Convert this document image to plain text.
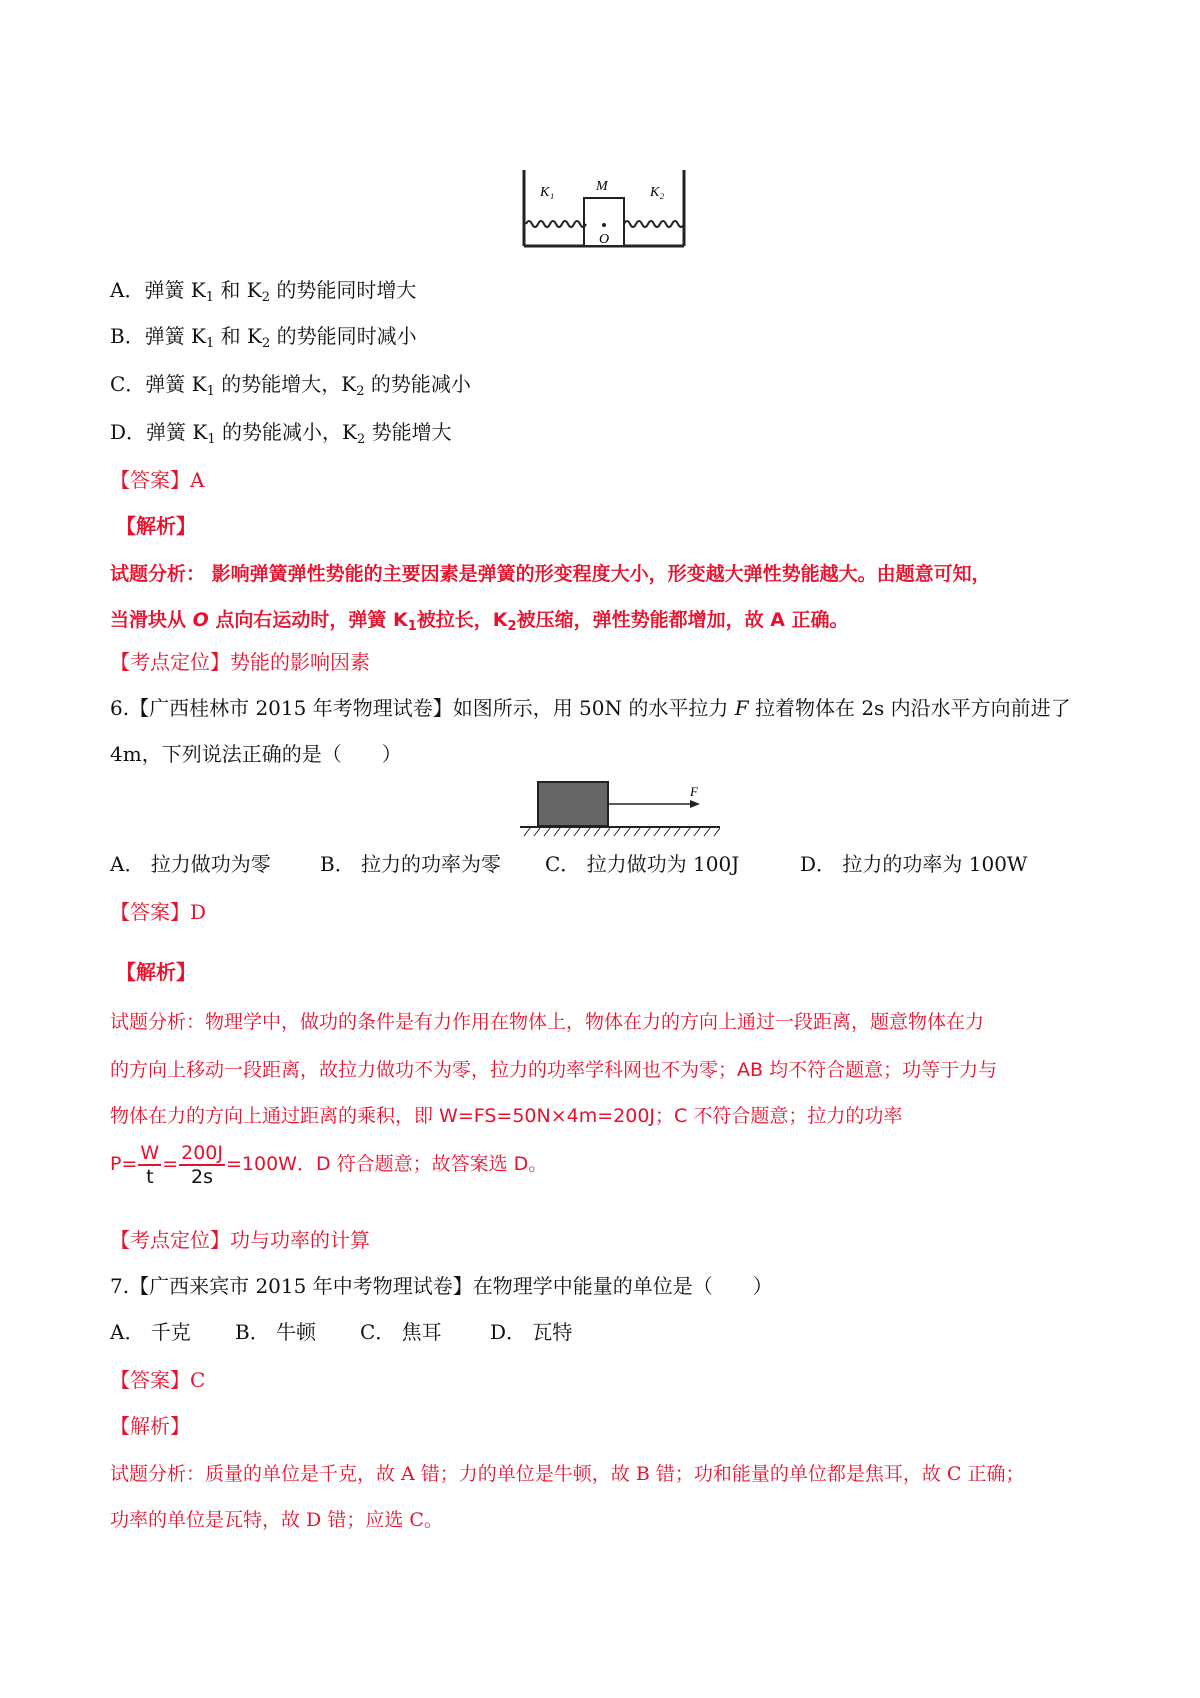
K₁	M	K₂
O
A．弹簧 $K_1$ 和 $K_2$ 的势能同时增大
B．弹簧 $K_1$ 和 $K_2$ 的势能同时减小
C．弹簧 $K_1$ 的势能增大，$K_2$ 的势能减小
D．弹簧 $K_1$ 的势能减小，$K_2$ 势能增大
【答案】A
【解析】
试题分析： 影响弹簧弹性势能的主要因素是弹簧的形变程度大小，形变越大弹性势能越大。由题意可知，
当滑块从 O 点向右运动时，弹簧 $K_1$被拉长，$K_2$被压缩，弹性势能都增加，故 A 正确。
【考点定位】势能的影响因素
6.【广西桂林市 2015 年考物理试卷】如图所示，用 50N 的水平拉力 F 拉着物体在 2s 内沿水平方向前进了
4m，下列说法正确的是（　　）
F
A． 拉力做功为零 B． 拉力的功率为零 C． 拉力做功为 100J	D． 拉力的功率为 100W
【答案】D
【解析】
试题分析：物理学中，做功的条件是有力作用在物体上，物体在力的方向上通过一段距离，题意物体在力
的方向上移动一段距离，故拉力做功不为零，拉力的功率学科网也不为零；AB 均不符合题意；功等于力与
物体在力的方向上通过距离的乘积，即 W=FS=50N×4m=200J；C 不符合题意；拉力的功率
$P= \frac{W}{t} = \frac{200J}{2s} =100W$．D 符合题意；故答案选 D。
【考点定位】功与功率的计算
7.【广西来宾市 2015 年中考物理试卷】在物理学中能量的单位是（　　）
A． 千克 B． 牛顿 C． 焦耳 D． 瓦特
【答案】C
【解析】
试题分析：质量的单位是千克，故 A 错；力的单位是牛顿，故 B 错；功和能量的单位都是焦耳，故 C 正确；
功率的单位是瓦特，故 D 错；应选 C。
